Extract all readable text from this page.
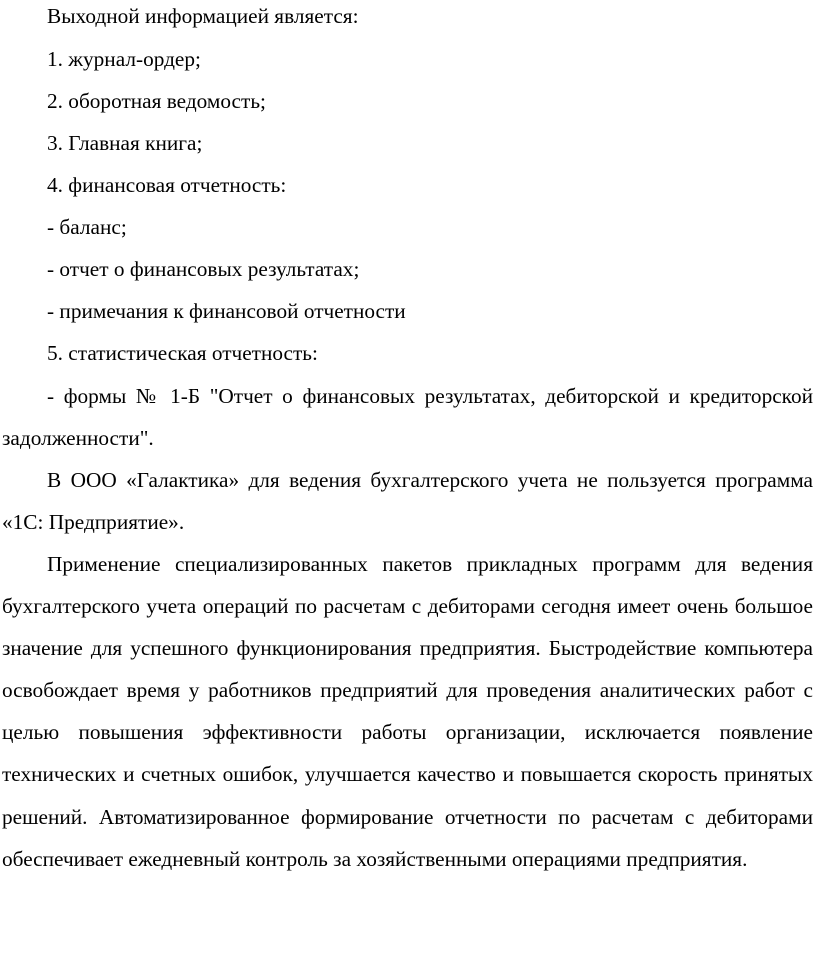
Выходной информацией является:
1. журнал-ордер;
2. оборотная ведомость;
3. Главная книга;
4. финансовая отчетность:
- баланс;
- отчет о финансовых результатах;
- примечания к финансовой отчетности
5. статистическая отчетность:

- формы № 1-Б "Отчет о финансовых результатах, дебиторской и кредиторской задолженности".

В ООО «Галактика» для ведения бухгалтерского учета не пользуется программа «1С: Предприятие».

Применение специализированных пакетов прикладных программ для ведения бухгалтерского учета операций по расчетам с дебиторами сегодня имеет очень большое значение для успешного функционирования предприятия. Быстродействие компьютера освобождает время у работников предприятий для проведения аналитических работ с целью повышения эффективности работы организации, исключается появление технических и счетных ошибок, улучшается качество и повышается скорость принятых решений. Автоматизированное формирование отчетности по расчетам с дебиторами обеспечивает ежедневный контроль за хозяйственными операциями предприятия.
